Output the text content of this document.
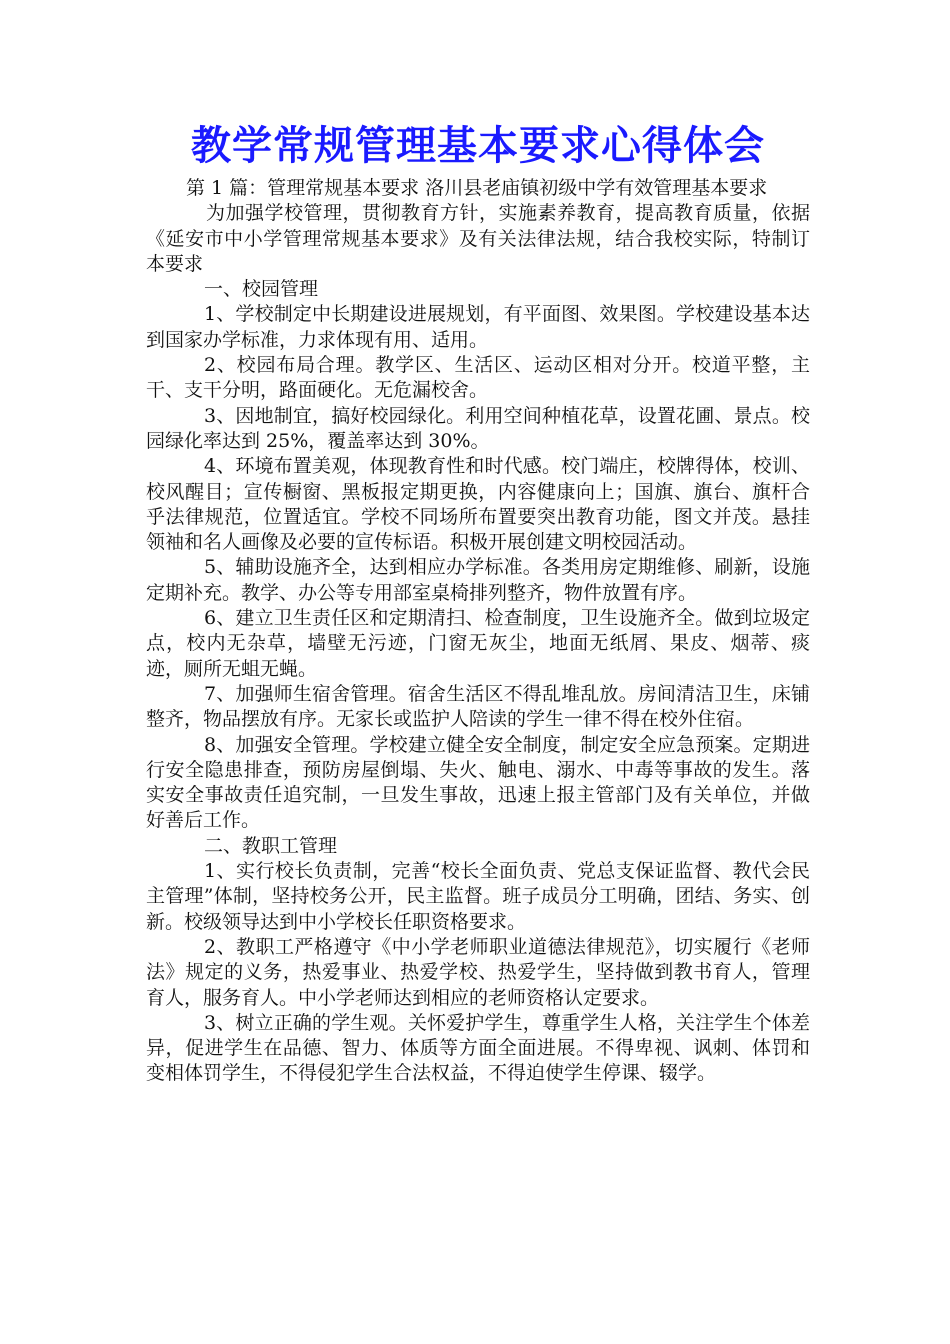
教学常规管理基本要求心得体会

第 1 篇：管理常规基本要求 洛川县老庙镇初级中学有效管理基本要求

为加强学校管理，贯彻教育方针，实施素养教育，提高教育质量，依据《延安市中小学管理常规基本要求》及有关法律法规，结合我校实际，特制订本要求

一、校园管理

1、学校制定中长期建设进展规划，有平面图、效果图。学校建设基本达到国家办学标准，力求体现有用、适用。

2、校园布局合理。教学区、生活区、运动区相对分开。校道平整，主干、支干分明，路面硬化。无危漏校舍。

3、因地制宜，搞好校园绿化。利用空间种植花草，设置花圃、景点。校园绿化率达到 25%，覆盖率达到 30%。

4、环境布置美观，体现教育性和时代感。校门端庄，校牌得体，校训、校风醒目；宣传橱窗、黑板报定期更换，内容健康向上；国旗、旗台、旗杆合乎法律规范，位置适宜。学校不同场所布置要突出教育功能，图文并茂。悬挂领袖和名人画像及必要的宣传标语。积极开展创建文明校园活动。

5、辅助设施齐全，达到相应办学标准。各类用房定期维修、刷新，设施定期补充。教学、办公等专用部室桌椅排列整齐，物件放置有序。

6、建立卫生责任区和定期清扫、检查制度，卫生设施齐全。做到垃圾定点，校内无杂草，墙壁无污迹，门窗无灰尘，地面无纸屑、果皮、烟蒂、痰迹，厕所无蛆无蝇。

7、加强师生宿舍管理。宿舍生活区不得乱堆乱放。房间清洁卫生，床铺整齐，物品摆放有序。无家长或监护人陪读的学生一律不得在校外住宿。

8、加强安全管理。学校建立健全安全制度，制定安全应急预案。定期进行安全隐患排查，预防房屋倒塌、失火、触电、溺水、中毒等事故的发生。落实安全事故责任追究制，一旦发生事故，迅速上报主管部门及有关单位，并做好善后工作。

二、教职工管理

1、实行校长负责制，完善“校长全面负责、党总支保证监督、教代会民主管理”体制，坚持校务公开，民主监督。班子成员分工明确，团结、务实、创新。校级领导达到中小学校长任职资格要求。

2、教职工严格遵守《中小学老师职业道德法律规范》，切实履行《老师法》规定的义务，热爱事业、热爱学校、热爱学生，坚持做到教书育人，管理育人，服务育人。中小学老师达到相应的老师资格认定要求。

3、树立正确的学生观。关怀爱护学生，尊重学生人格，关注学生个体差异，促进学生在品德、智力、体质等方面全面进展。不得卑视、讽刺、体罚和变相体罚学生，不得侵犯学生合法权益，不得迫使学生停课、辍学。
